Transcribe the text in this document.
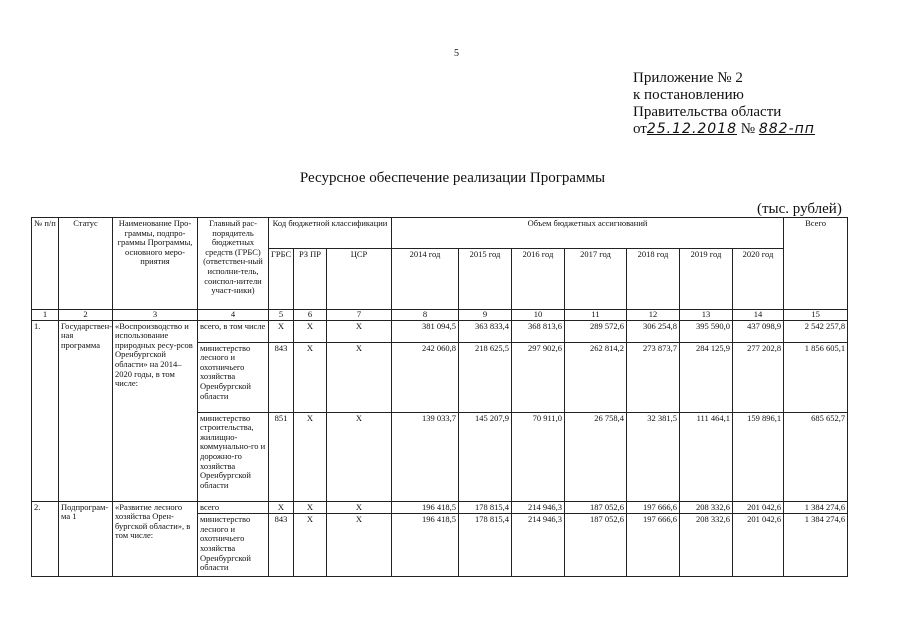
5
Приложение № 2
к постановлению
Правительства области
от25.12.2018 № 882-пп
Ресурсное обеспечение реализации Программы
(тыс. рублей)
№ п/п	Статус	Наименование Про-граммы, подпро-граммы Программы, основного меро-приятия	Главный рас-порядитель бюджетных средств (ГРБС) (ответствен-ный исполни-тель, соиспол-нители участ-ники)	Код бюджетной классификации			Объем бюджетных ассигнований							Всего
				ГРБС	РЗ ПР	ЦСР	2014 год	2015 год	2016 год	2017 год	2018 год	2019 год	2020 год	
1	2	3	4	5	6	7	8	9	10	11	12	13	14	15
1.	Государствен-ная программа	«Воспроизводство и использование природных ресу-рсов Оренбургской области» на 2014–2020 годы, в том числе:	всего, в том числе	Х	Х	Х	381 094,5	363 833,4	368 813,6	289 572,6	306 254,8	395 590,0	437 098,9	2 542 257,8
			министерство лесного и охотничьего хозяйства Оренбургской области	843	Х	Х	242 060,8	218 625,5	297 902,6	262 814,2	273 873,7	284 125,9	277 202,8	1 856 605,1
			министерство строительства, жилищно-коммунально-го и дорожно-го хозяйства Оренбургской области	851	Х	Х	139 033,7	145 207,9	70 911,0	26 758,4	32 381,5	111 464,1	159 896,1	685 652,7
2.	Подпрограм-ма 1	«Развитие лесного хозяйства Орен-бургской области», в том числе:	всего	Х	Х	Х	196 418,5	178 815,4	214 946,3	187 052,6	197 666,6	208 332,6	201 042,6	1 384 274,6
			министерство лесного и охотничьего хозяйства Оренбургской области	843	Х	Х	196 418,5	178 815,4	214 946,3	187 052,6	197 666,6	208 332,6	201 042,6	1 384 274,6
